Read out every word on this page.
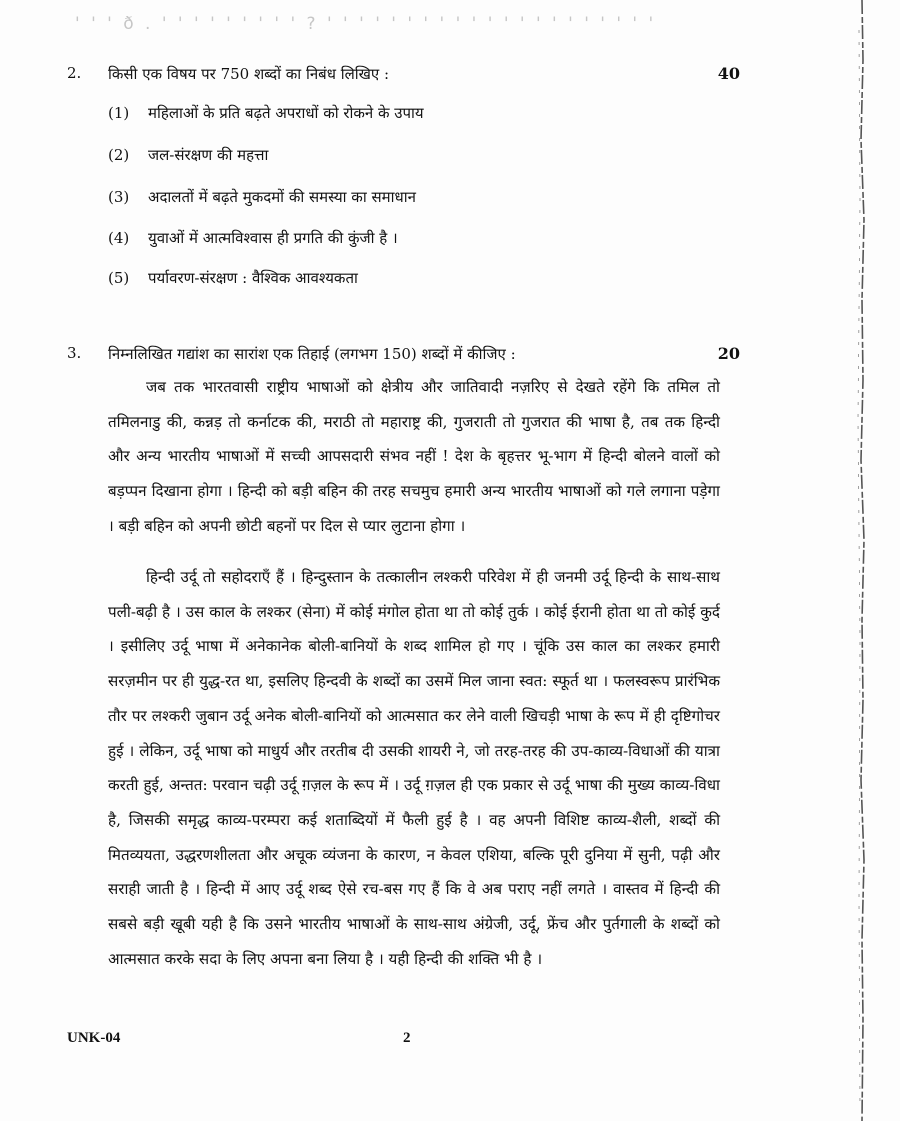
' ' ' ð . ' ' ' ' ' ' ' ' ' ? ' ' ' ' ' ' ' ' ' ' ' ' ' ' ' ' ' ' ' ' '
2. किसी एक विषय पर 750 शब्दों का निबंध लिखिए :	40
(1) महिलाओं के प्रति बढ़ते अपराधों को रोकने के उपाय
(2) जल-संरक्षण की महत्ता
(3) अदालतों में बढ़ते मुकदमों की समस्या का समाधान
(4) युवाओं में आत्मविश्वास ही प्रगति की कुंजी है ।
(5) पर्यावरण-संरक्षण : वैश्विक आवश्यकता
3. निम्नलिखित गद्यांश का सारांश एक तिहाई (लगभग 150) शब्दों में कीजिए :	20

जब तक भारतवासी राष्ट्रीय भाषाओं को क्षेत्रीय और जातिवादी नज़रिए से देखते रहेंगे कि तमिल तो तमिलनाडु की, कन्नड़ तो कर्नाटक की, मराठी तो महाराष्ट्र की, गुजराती तो गुजरात की भाषा है, तब तक हिन्दी और अन्य भारतीय भाषाओं में सच्ची आपसदारी संभव नहीं ! देश के बृहत्तर भू-भाग में हिन्दी बोलने वालों को बड़प्पन दिखाना होगा । हिन्दी को बड़ी बहिन की तरह सचमुच हमारी अन्य भारतीय भाषाओं को गले लगाना पड़ेगा । बड़ी बहिन को अपनी छोटी बहनों पर दिल से प्यार लुटाना होगा ।

हिन्दी उर्दू तो सहोदराएँ हैं । हिन्दुस्तान के तत्कालीन लश्करी परिवेश में ही जनमी उर्दू हिन्दी के साथ-साथ पली-बढ़ी है । उस काल के लश्कर (सेना) में कोई मंगोल होता था तो कोई तुर्क । कोई ईरानी होता था तो कोई कुर्द । इसीलिए उर्दू भाषा में अनेकानेक बोली-बानियों के शब्द शामिल हो गए । चूंकि उस काल का लश्कर हमारी सरज़मीन पर ही युद्ध-रत था, इसलिए हिन्दवी के शब्दों का उसमें मिल जाना स्वत: स्फूर्त था । फलस्वरूप प्रारंभिक तौर पर लश्करी जुबान उर्दू अनेक बोली-बानियों को आत्मसात कर लेने वाली खिचड़ी भाषा के रूप में ही दृष्टिगोचर हुई । लेकिन, उर्दू भाषा को माधुर्य और तरतीब दी उसकी शायरी ने, जो तरह-तरह की उप-काव्य-विधाओं की यात्रा करती हुई, अन्तत: परवान चढ़ी उर्दू ग़ज़ल के रूप में । उर्दू ग़ज़ल ही एक प्रकार से उर्दू भाषा की मुख्य काव्य-विधा है, जिसकी समृद्ध काव्य-परम्परा कई शताब्दियों में फैली हुई है । वह अपनी विशिष्ट काव्य-शैली, शब्दों की मितव्ययता, उद्धरणशीलता और अचूक व्यंजना के कारण, न केवल एशिया, बल्कि पूरी दुनिया में सुनी, पढ़ी और सराही जाती है । हिन्दी में आए उर्दू शब्द ऐसे रच-बस गए हैं कि वे अब पराए नहीं लगते । वास्तव में हिन्दी की सबसे बड़ी खूबी यही है कि उसने भारतीय भाषाओं के साथ-साथ अंग्रेजी, उर्दू, फ्रेंच और पुर्तगाली के शब्दों को आत्मसात करके सदा के लिए अपना बना लिया है । यही हिन्दी की शक्ति भी है ।

UNK-04	2
